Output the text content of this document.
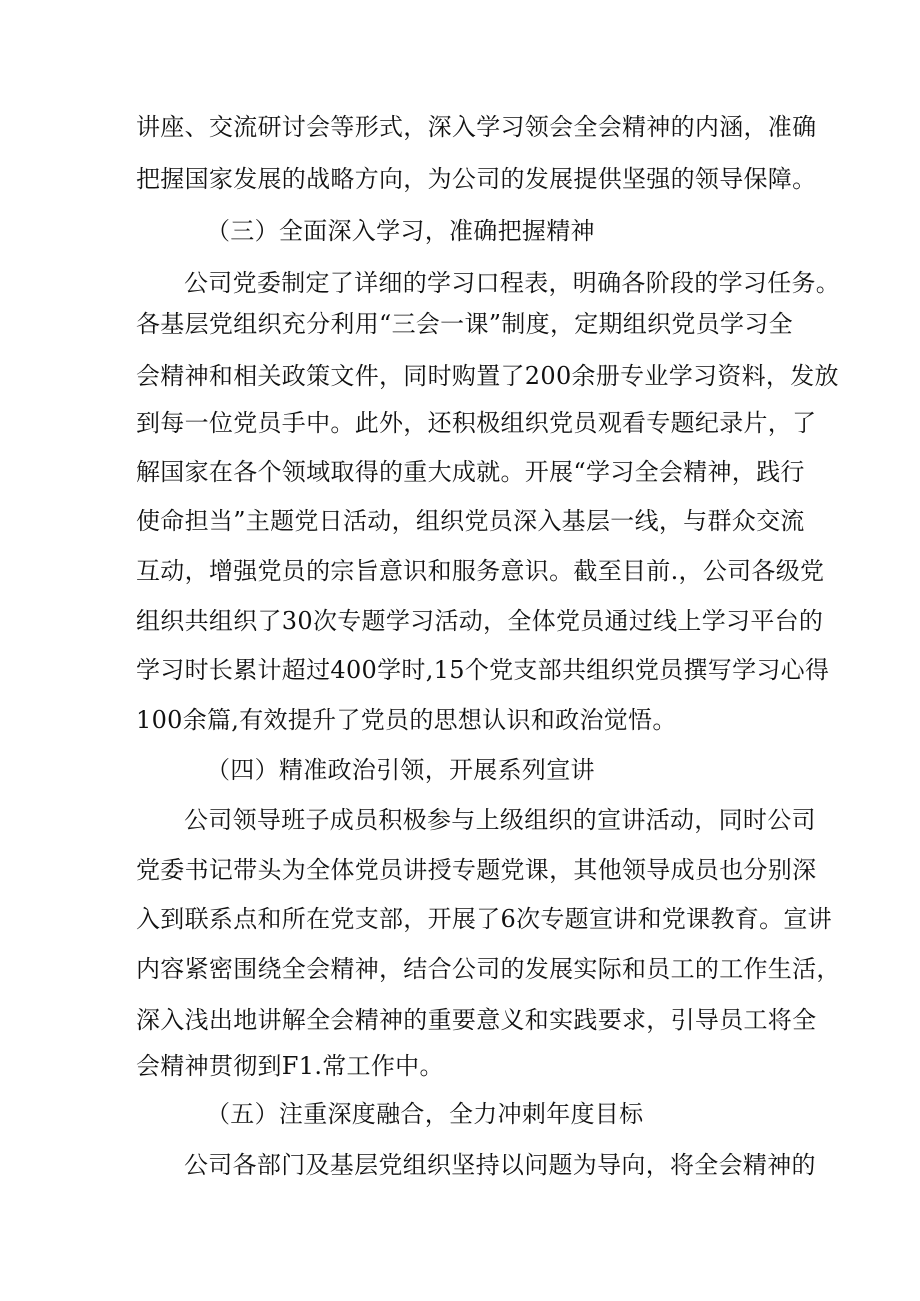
讲座、交流研讨会等形式，深入学习领会全会精神的内涵，准确
把握国家发展的战略方向，为公司的发展提供坚强的领导保障。
（三）全面深入学习，准确把握精神
公司党委制定了详细的学习口程表，明确各阶段的学习任务。
各基层党组织充分利用“三会一课”制度，定期组织党员学习全
会精神和相关政策文件，同时购置了200余册专业学习资料，发放
到每一位党员手中。此外，还积极组织党员观看专题纪录片，了
解国家在各个领域取得的重大成就。开展“学习全会精神，践行
使命担当”主题党日活动，组织党员深入基层一线，与群众交流
互动，增强党员的宗旨意识和服务意识。截至目前.，公司各级党
组织共组织了30次专题学习活动，全体党员通过线上学习平台的
学习时长累计超过400学时,15个党支部共组织党员撰写学习心得
100余篇,有效提升了党员的思想认识和政治觉悟。
（四）精准政治引领，开展系列宣讲
公司领导班子成员积极参与上级组织的宣讲活动，同时公司
党委书记带头为全体党员讲授专题党课，其他领导成员也分别深
入到联系点和所在党支部，开展了6次专题宣讲和党课教育。宣讲
内容紧密围绕全会精神，结合公司的发展实际和员工的工作生活，
深入浅出地讲解全会精神的重要意义和实践要求，引导员工将全
会精神贯彻到F1.常工作中。
（五）注重深度融合，全力冲刺年度目标
公司各部门及基层党组织坚持以问题为导向，将全会精神的
